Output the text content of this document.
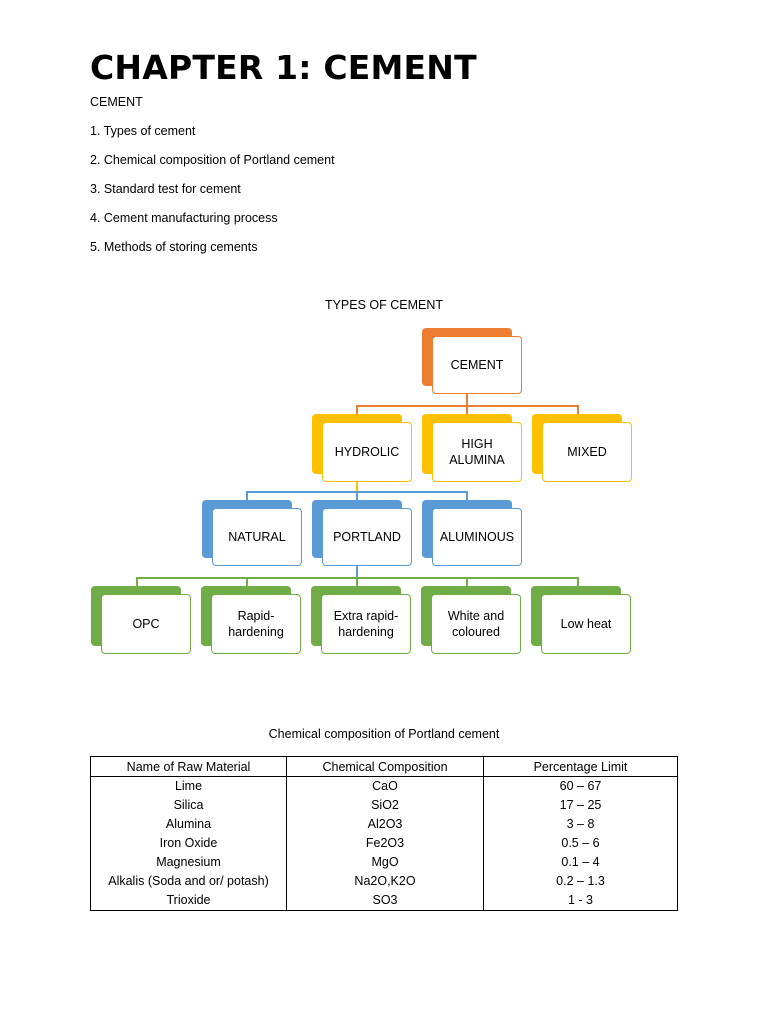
CHAPTER 1: CEMENT

CEMENT

1. Types of cement

2. Chemical composition of Portland cement

3. Standard test for cement

4. Cement manufacturing process

5. Methods of storing cements

TYPES OF CEMENT

CEMENT
HYDROLIC
HIGH ALUMINA
MIXED
NATURAL	PORTLAND	ALUMINOUS
OPC
Rapid-hardening
Extra rapid-hardening
White and coloured
Low heat

Chemical composition of Portland cement

Name of Raw Material	Chemical Composition	Percentage Limit
Lime	CaO	60 – 67
Silica	SiO2	17 – 25
Alumina	Al2O3	3 – 8
Iron Oxide	Fe2O3	0.5 – 6
Magnesium	MgO	0.1 – 4
Alkalis (Soda and or/ potash)	Na2O,K2O	0.2 – 1.3
Trioxide	SO3	1 - 3
